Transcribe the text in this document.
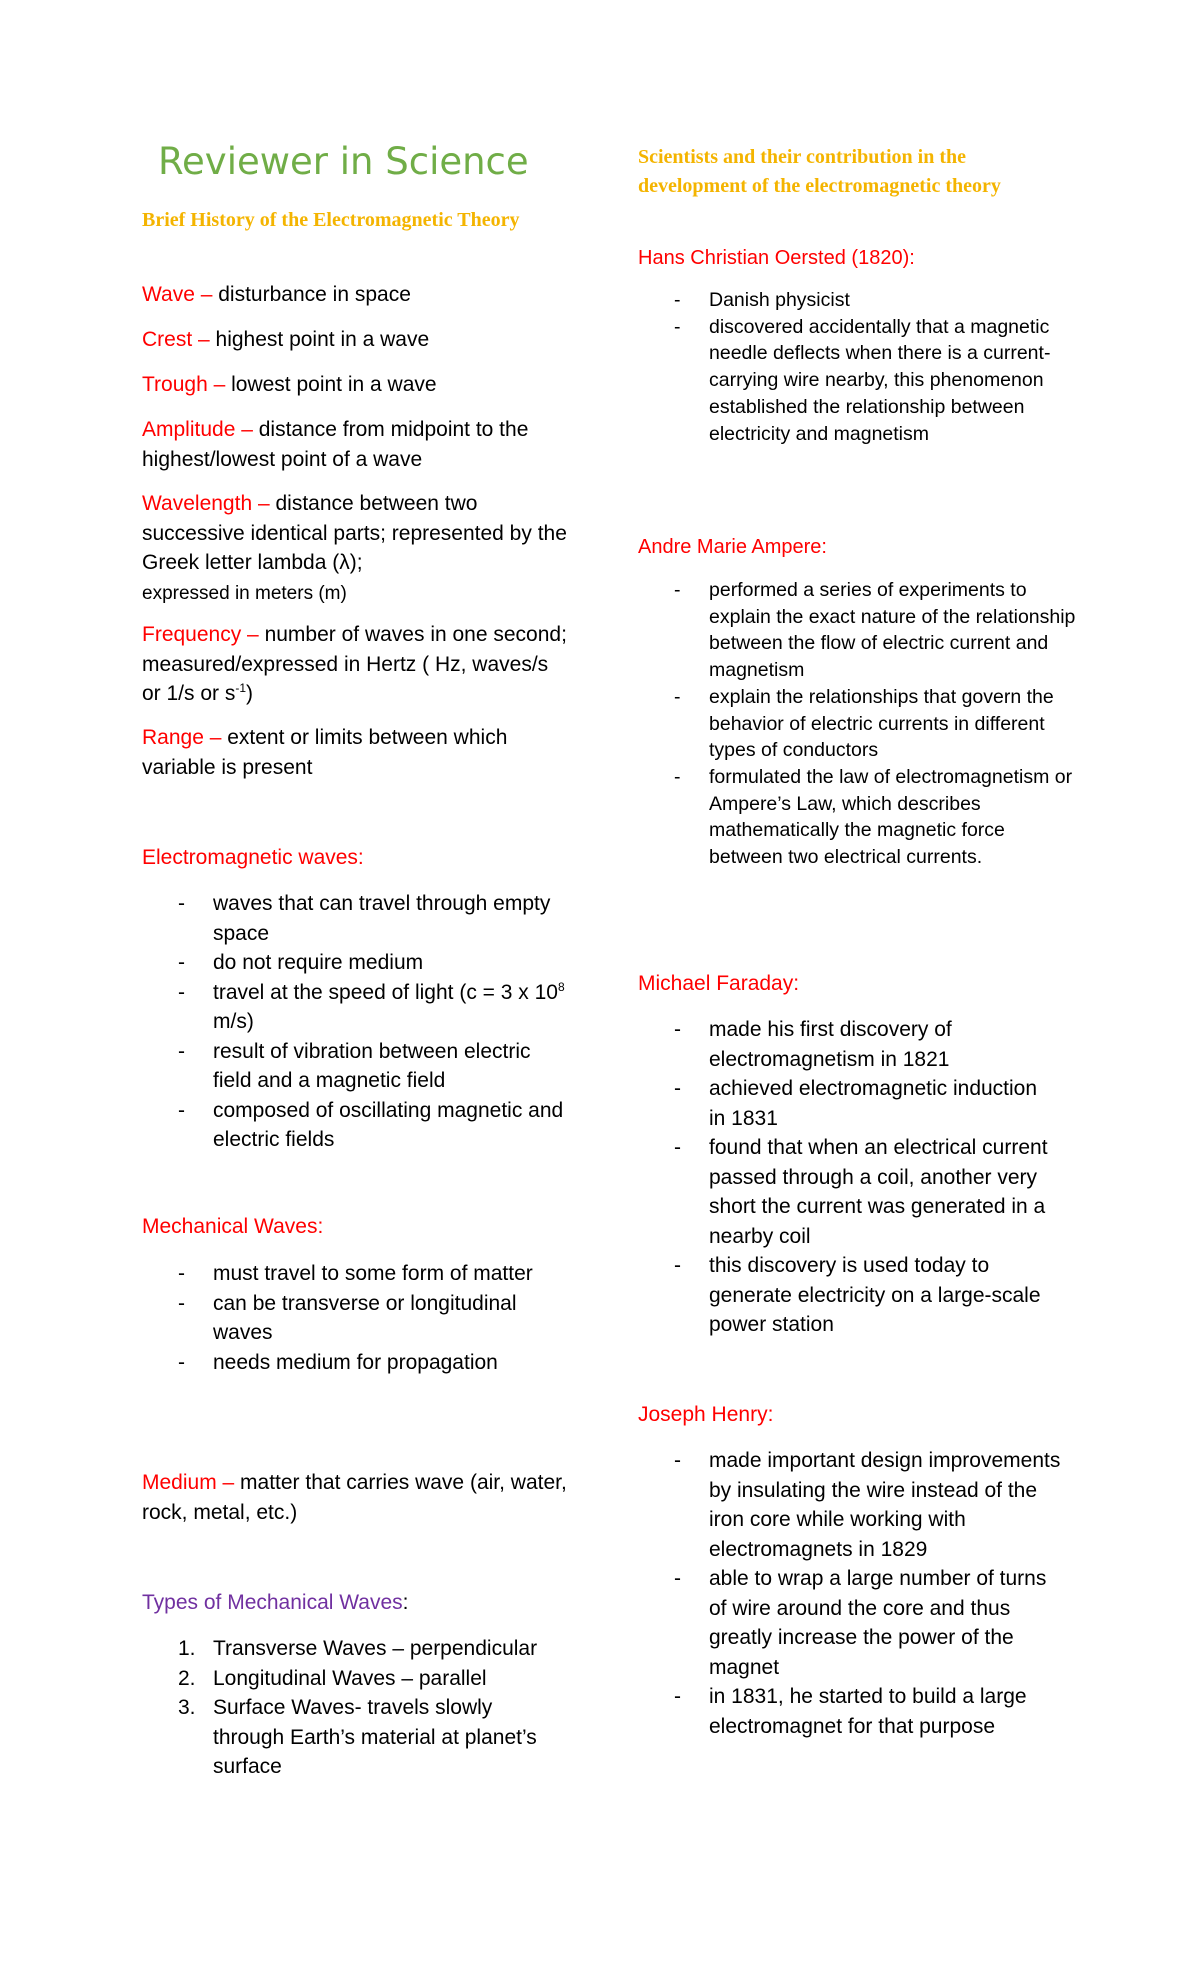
Reviewer in Science
Brief History of the Electromagnetic Theory

Wave – disturbance in space

Crest – highest point in a wave

Trough – lowest point in a wave

Amplitude – distance from midpoint to the highest/lowest point of a wave

Wavelength – distance between two successive identical parts; represented by the Greek letter lambda (λ);
expressed in meters (m)

Frequency – number of waves in one second; measured/expressed in Hertz ( Hz, waves/s or 1/s or $s^{-1}$)

Range – extent or limits between which variable is present

Electromagnetic waves:
- waves that can travel through empty space
- do not require medium
- travel at the speed of light (c = 3 x $10^8$ m/s)
- result of vibration between electric field and a magnetic field
- composed of oscillating magnetic and electric fields
Mechanical Waves:
- must travel to some form of matter
- can be transverse or longitudinal waves
- needs medium for propagation

Medium – matter that carries wave (air, water, rock, metal, etc.)

Types of Mechanical Waves:
1. Transverse Waves – perpendicular
2. Longitudinal Waves – parallel
3. Surface Waves- travels slowly through Earth’s material at planet’s surface
Scientists and their contribution in the development of the electromagnetic theory
Hans Christian Oersted (1820):
- Danish physicist
- discovered accidentally that a magnetic needle deflects when there is a current-carrying wire nearby, this phenomenon established the relationship between electricity and magnetism
Andre Marie Ampere:
- performed a series of experiments to explain the exact nature of the relationship between the flow of electric current and magnetism
- explain the relationships that govern the behavior of electric currents in different
types of conductors
- formulated the law of electromagnetism or Ampere’s Law, which describes mathematically the magnetic force between two electrical currents.
Michael Faraday:
- made his first discovery of electromagnetism in 1821
- achieved electromagnetic induction in 1831
- found that when an electrical current passed through a coil, another very short the current was generated in a nearby coil
- this discovery is used today to generate electricity on a large-scale power station
Joseph Henry:
- made important design improvements by insulating the wire instead of the iron core while working with electromagnets in 1829
- able to wrap a large number of turns of wire around the core and thus greatly increase the power of the magnet
- in 1831, he started to build a large electromagnet for that purpose
